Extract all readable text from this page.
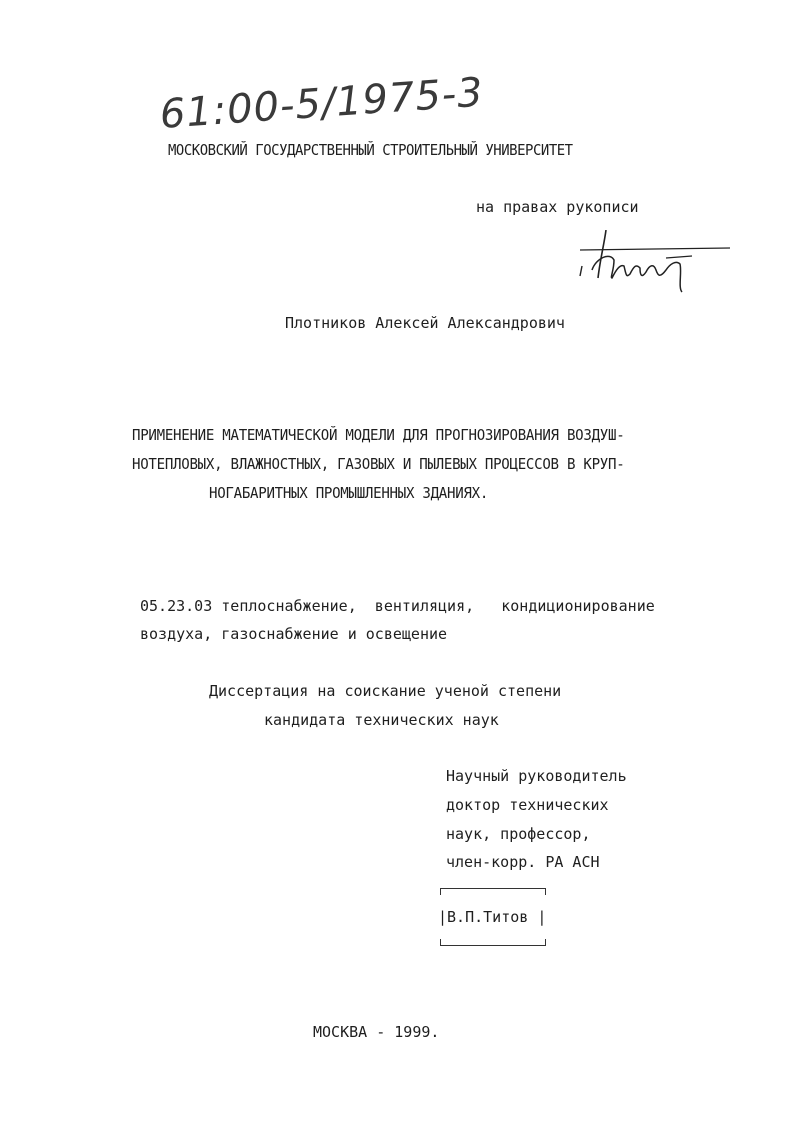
61:00-5/1975-3
МОСКОВСКИЙ ГОСУДАРСТВЕННЫЙ СТРОИТЕЛЬНЫЙ УНИВЕРСИТЕТ
на правах рукописи
Плотников Алексей Александрович
ПРИМЕНЕНИЕ МАТЕМАТИЧЕСКОЙ МОДЕЛИ ДЛЯ ПРОГНОЗИРОВАНИЯ ВОЗДУШ-
НОТЕПЛОВЫХ, ВЛАЖНОСТНЫХ, ГАЗОВЫХ И ПЫЛЕВЫХ ПРОЦЕССОВ В КРУП-
НОГАБАРИТНЫХ ПРОМЫШЛЕННЫХ ЗДАНИЯХ.
05.23.03 теплоснабжение,  вентиляция,   кондиционирование
воздуха, газоснабжение и освещение
Диссертация на соискание ученой степени
кандидата технических наук
Научный руководитель
доктор технических
наук, профессор,
член-корр. РА АСН
|В.П.Титов |
МОСКВА - 1999.
